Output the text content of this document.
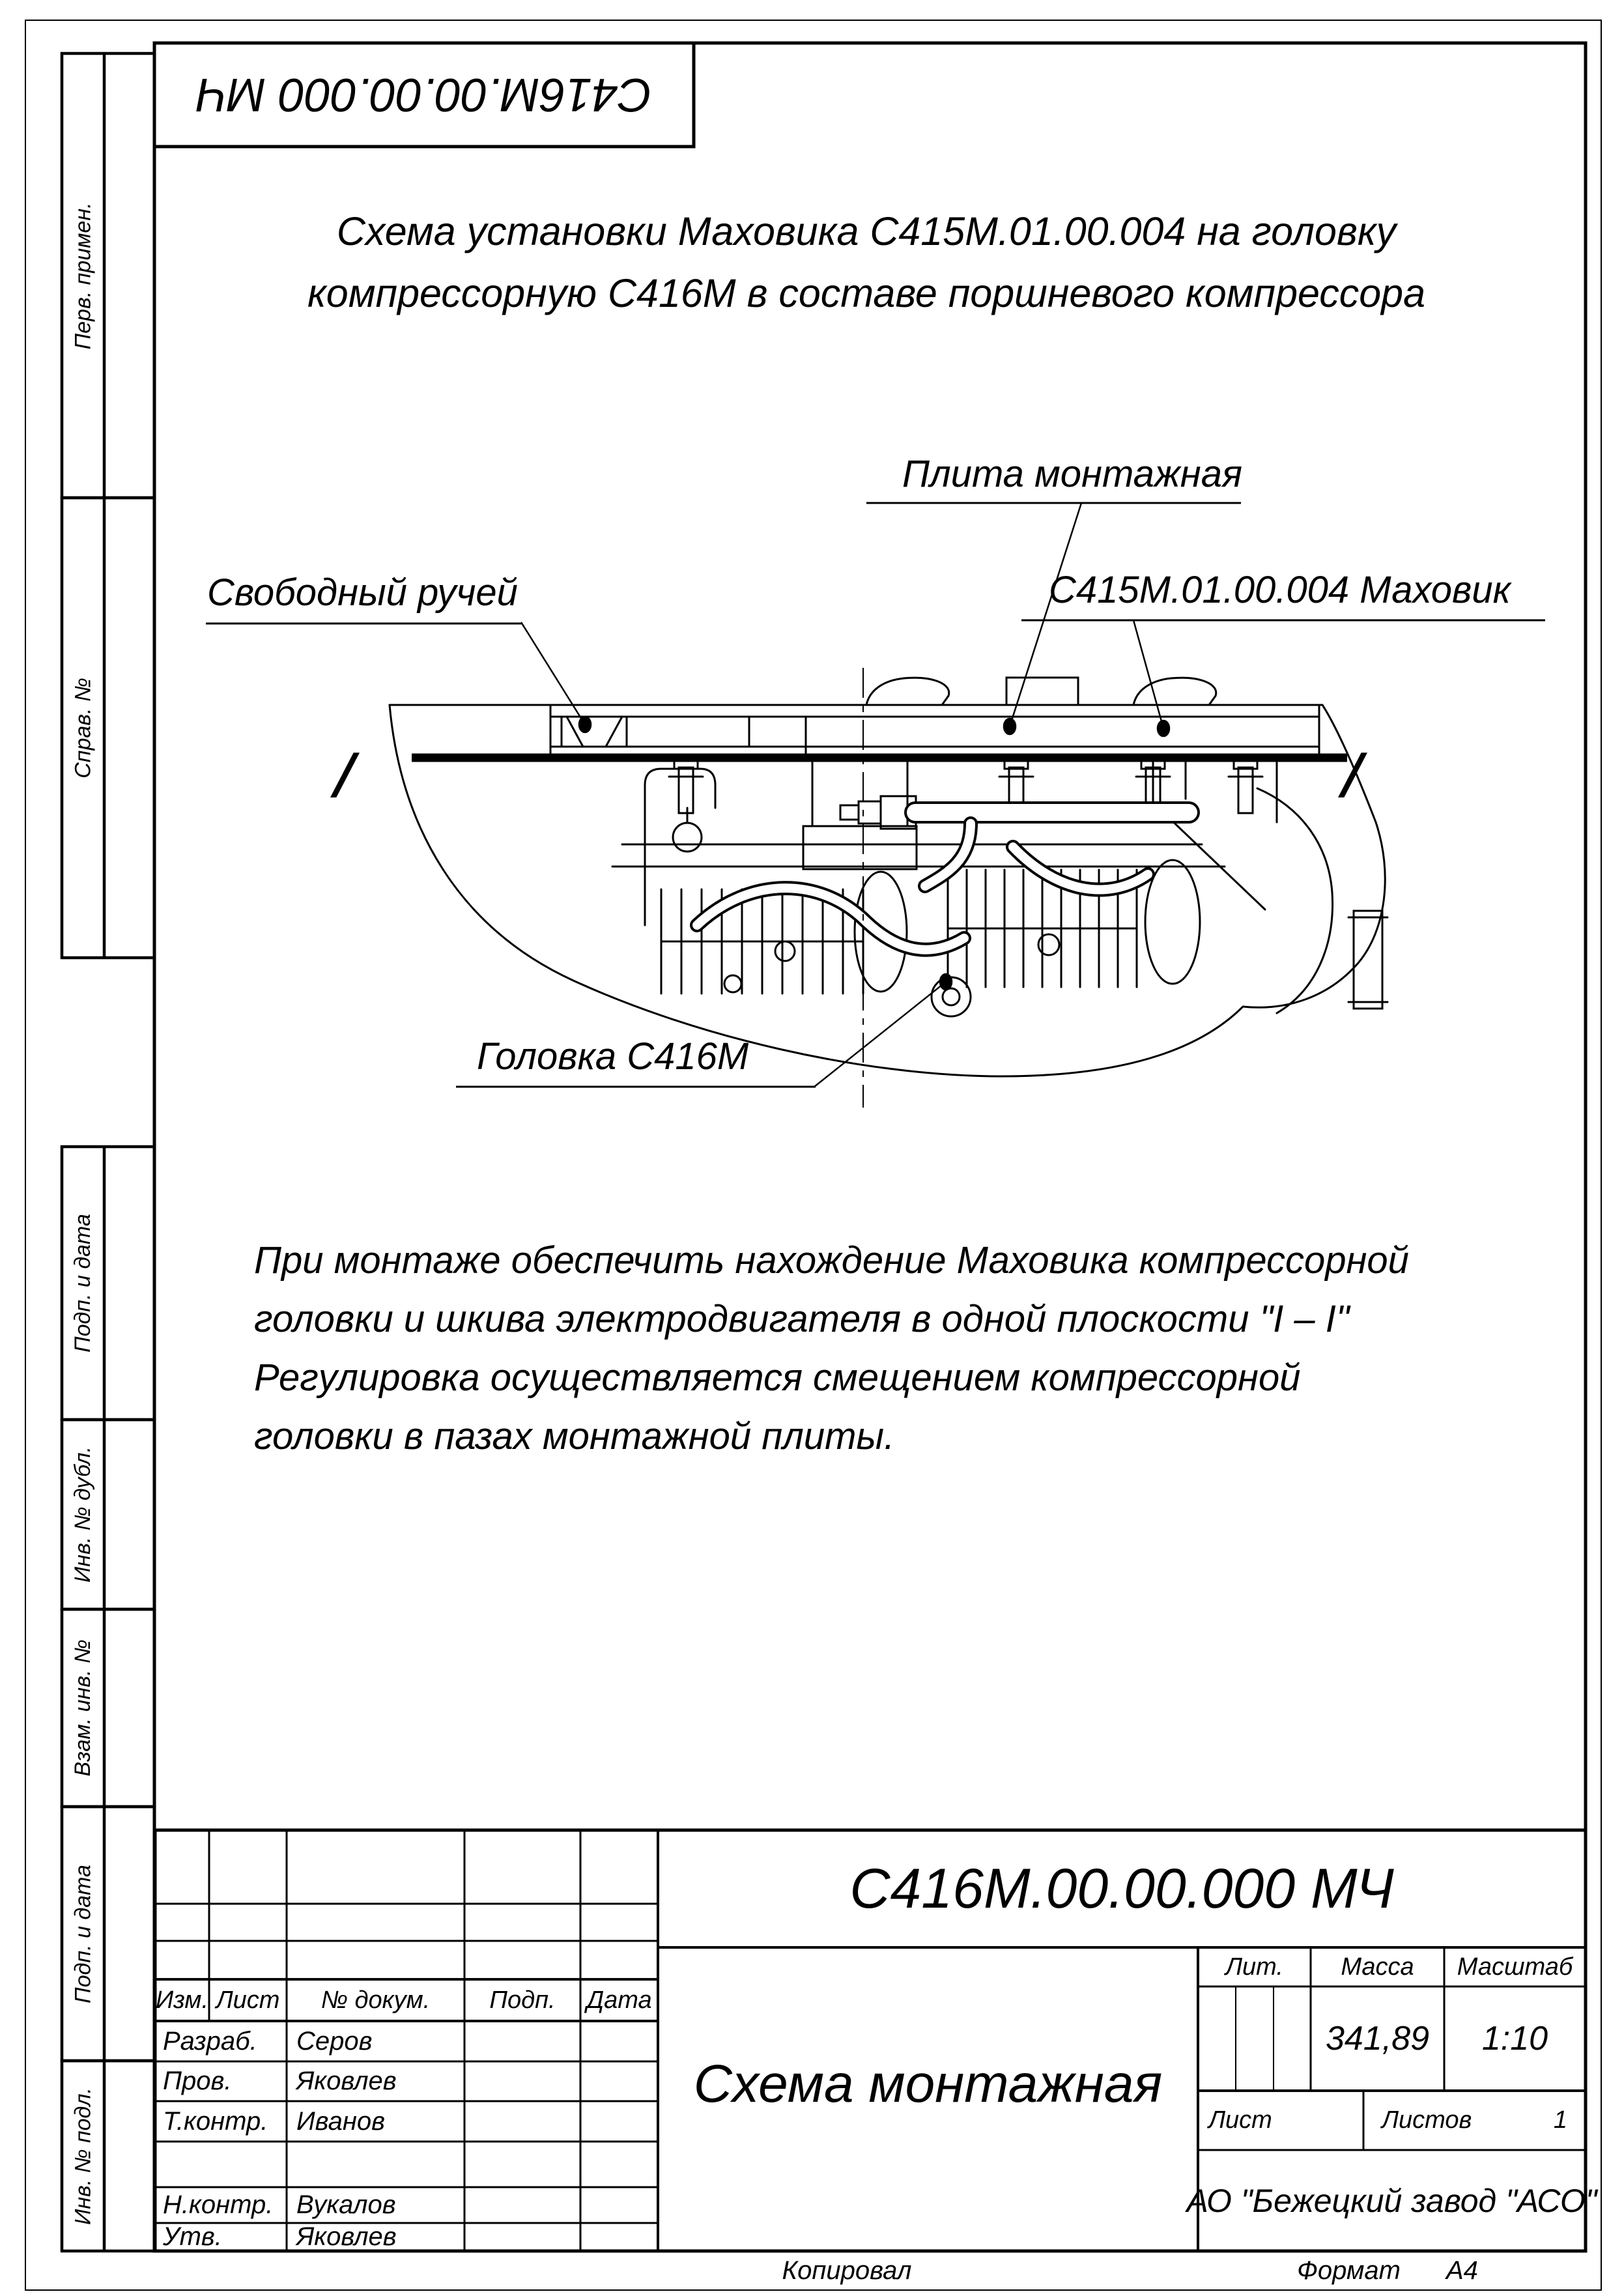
С416М.00.00.000 МЧ
Схема установки Маховика С415М.01.00.004 на головку
компрессорную С416М в составе поршневого компрессора
Плита монтажная
Свободный ручей	С415М.01.00.004 Маховик
Головка С416М
I	I
При монтаже обеспечить нахождение Маховика компрессорной
головки и шкива электродвигателя в одной плоскости "I – I"
Регулировка осуществляется смещением компрессорной
головки в пазах монтажной плиты.
Перв. примен.
Справ. №
Подп. и дата
Инв. № дубл.
Взам. инв. №
Подп. и дата
Инв. № подл.
Изм. Лист	№ докум.	Подп.	Дата
Разраб.	Серов
Пров.	Яковлев
Т.контр.	Иванов
Н.контр. Вукалов
Утв.	Яковлев
С416М.00.00.000 МЧ
Схема монтажная
Лит.	Масса	Масштаб
341,89	1:10
Лист	Листов	1
АО "Бежецкий завод "АСО"
Копировал	Формат А4
